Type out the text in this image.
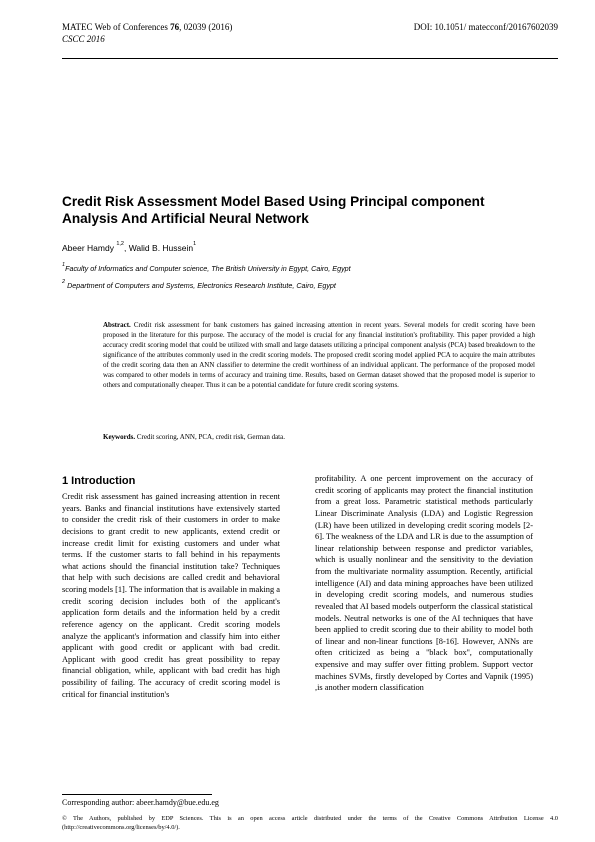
MATEC Web of Conferences 76, 02039 (2016)	DOI: 10.1051/ matecconf/20167602039
CSCC 2016
Credit Risk Assessment Model Based Using Principal component Analysis And Artificial Neural Network
Abeer Hamdy $^{1,2}$, Walid B. Hussein$^1$
$^1$Faculty of Informatics and Computer science, The British University in Egypt, Cairo, Egypt
$^2$ Department of Computers and Systems, Electronics Research Institute, Cairo, Egypt
Abstract. Credit risk assessment for bank customers has gained increasing attention in recent years. Several models for credit scoring have been proposed in the literature for this purpose. The accuracy of the model is crucial for any financial institution's profitability. This paper provided a high accuracy credit scoring model that could be utilized with small and large datasets utilizing a principal component analysis (PCA) based breakdown to the significance of the attributes commonly used in the credit scoring models. The proposed credit scoring model applied PCA to acquire the main attributes of the credit scoring data then an ANN classifier to determine the credit worthiness of an individual applicant. The performance of the proposed model was compared to other models in terms of accuracy and training time. Results, based on German dataset showed that the proposed model is superior to others and computationally cheaper. Thus it can be a potential candidate for future credit scoring systems.
Keywords. Credit scoring, ANN, PCA, credit risk, German data.
1 Introduction

Credit risk assessment has gained increasing attention in recent years. Banks and financial institutions have extensively started to consider the credit risk of their customers in order to make decisions to grant credit to new applicants, extend credit or increase credit limit for existing customers and under what terms. If the customer starts to fall behind in his repayments what actions should the financial institution take? Techniques that help with such decisions are called credit and behavioral scoring models [1]. The information that is available in making a credit scoring decision includes both of the applicant's application form details and the information held by a credit reference agency on the applicant. Credit scoring models analyze the applicant's information and classify him into either applicant with good credit or applicant with bad credit. Applicant with good credit has great possibility to repay financial obligation, while, applicant with bad credit has high possibility of failing. The accuracy of credit scoring model is critical for financial institution's

profitability. A one percent improvement on the accuracy of credit scoring of applicants may protect the financial institution from a great loss. Parametric statistical methods particularly Linear Discriminate Analysis (LDA) and Logistic Regression (LR) have been utilized in developing credit scoring models [2-6]. The weakness of the LDA and LR is due to the assumption of linear relationship between response and predictor variables, which is usually nonlinear and the sensitivity to the deviation from the multivariate normality assumption. Recently, artificial intelligence (AI) and data mining approaches have been utilized in developing credit scoring models, and numerous studies revealed that AI based models outperform the classical statistical models. Neutral networks is one of the AI techniques that have been applied to credit scoring due to their ability to model both of linear and non-linear functions [8-16]. However, ANNs are often criticized as being a ''black box'', computationally expensive and may suffer over fitting problem. Support vector machines SVMs, firstly developed by Cortes and Vapnik (1995) ,is another modern classification

Corresponding author: abeer.hamdy@bue.edu.eg
© The Authors, published by EDP Sciences. This is an open access article distributed under the terms of the Creative Commons Attribution License 4.0 (http://creativecommons.org/licenses/by/4.0/).
